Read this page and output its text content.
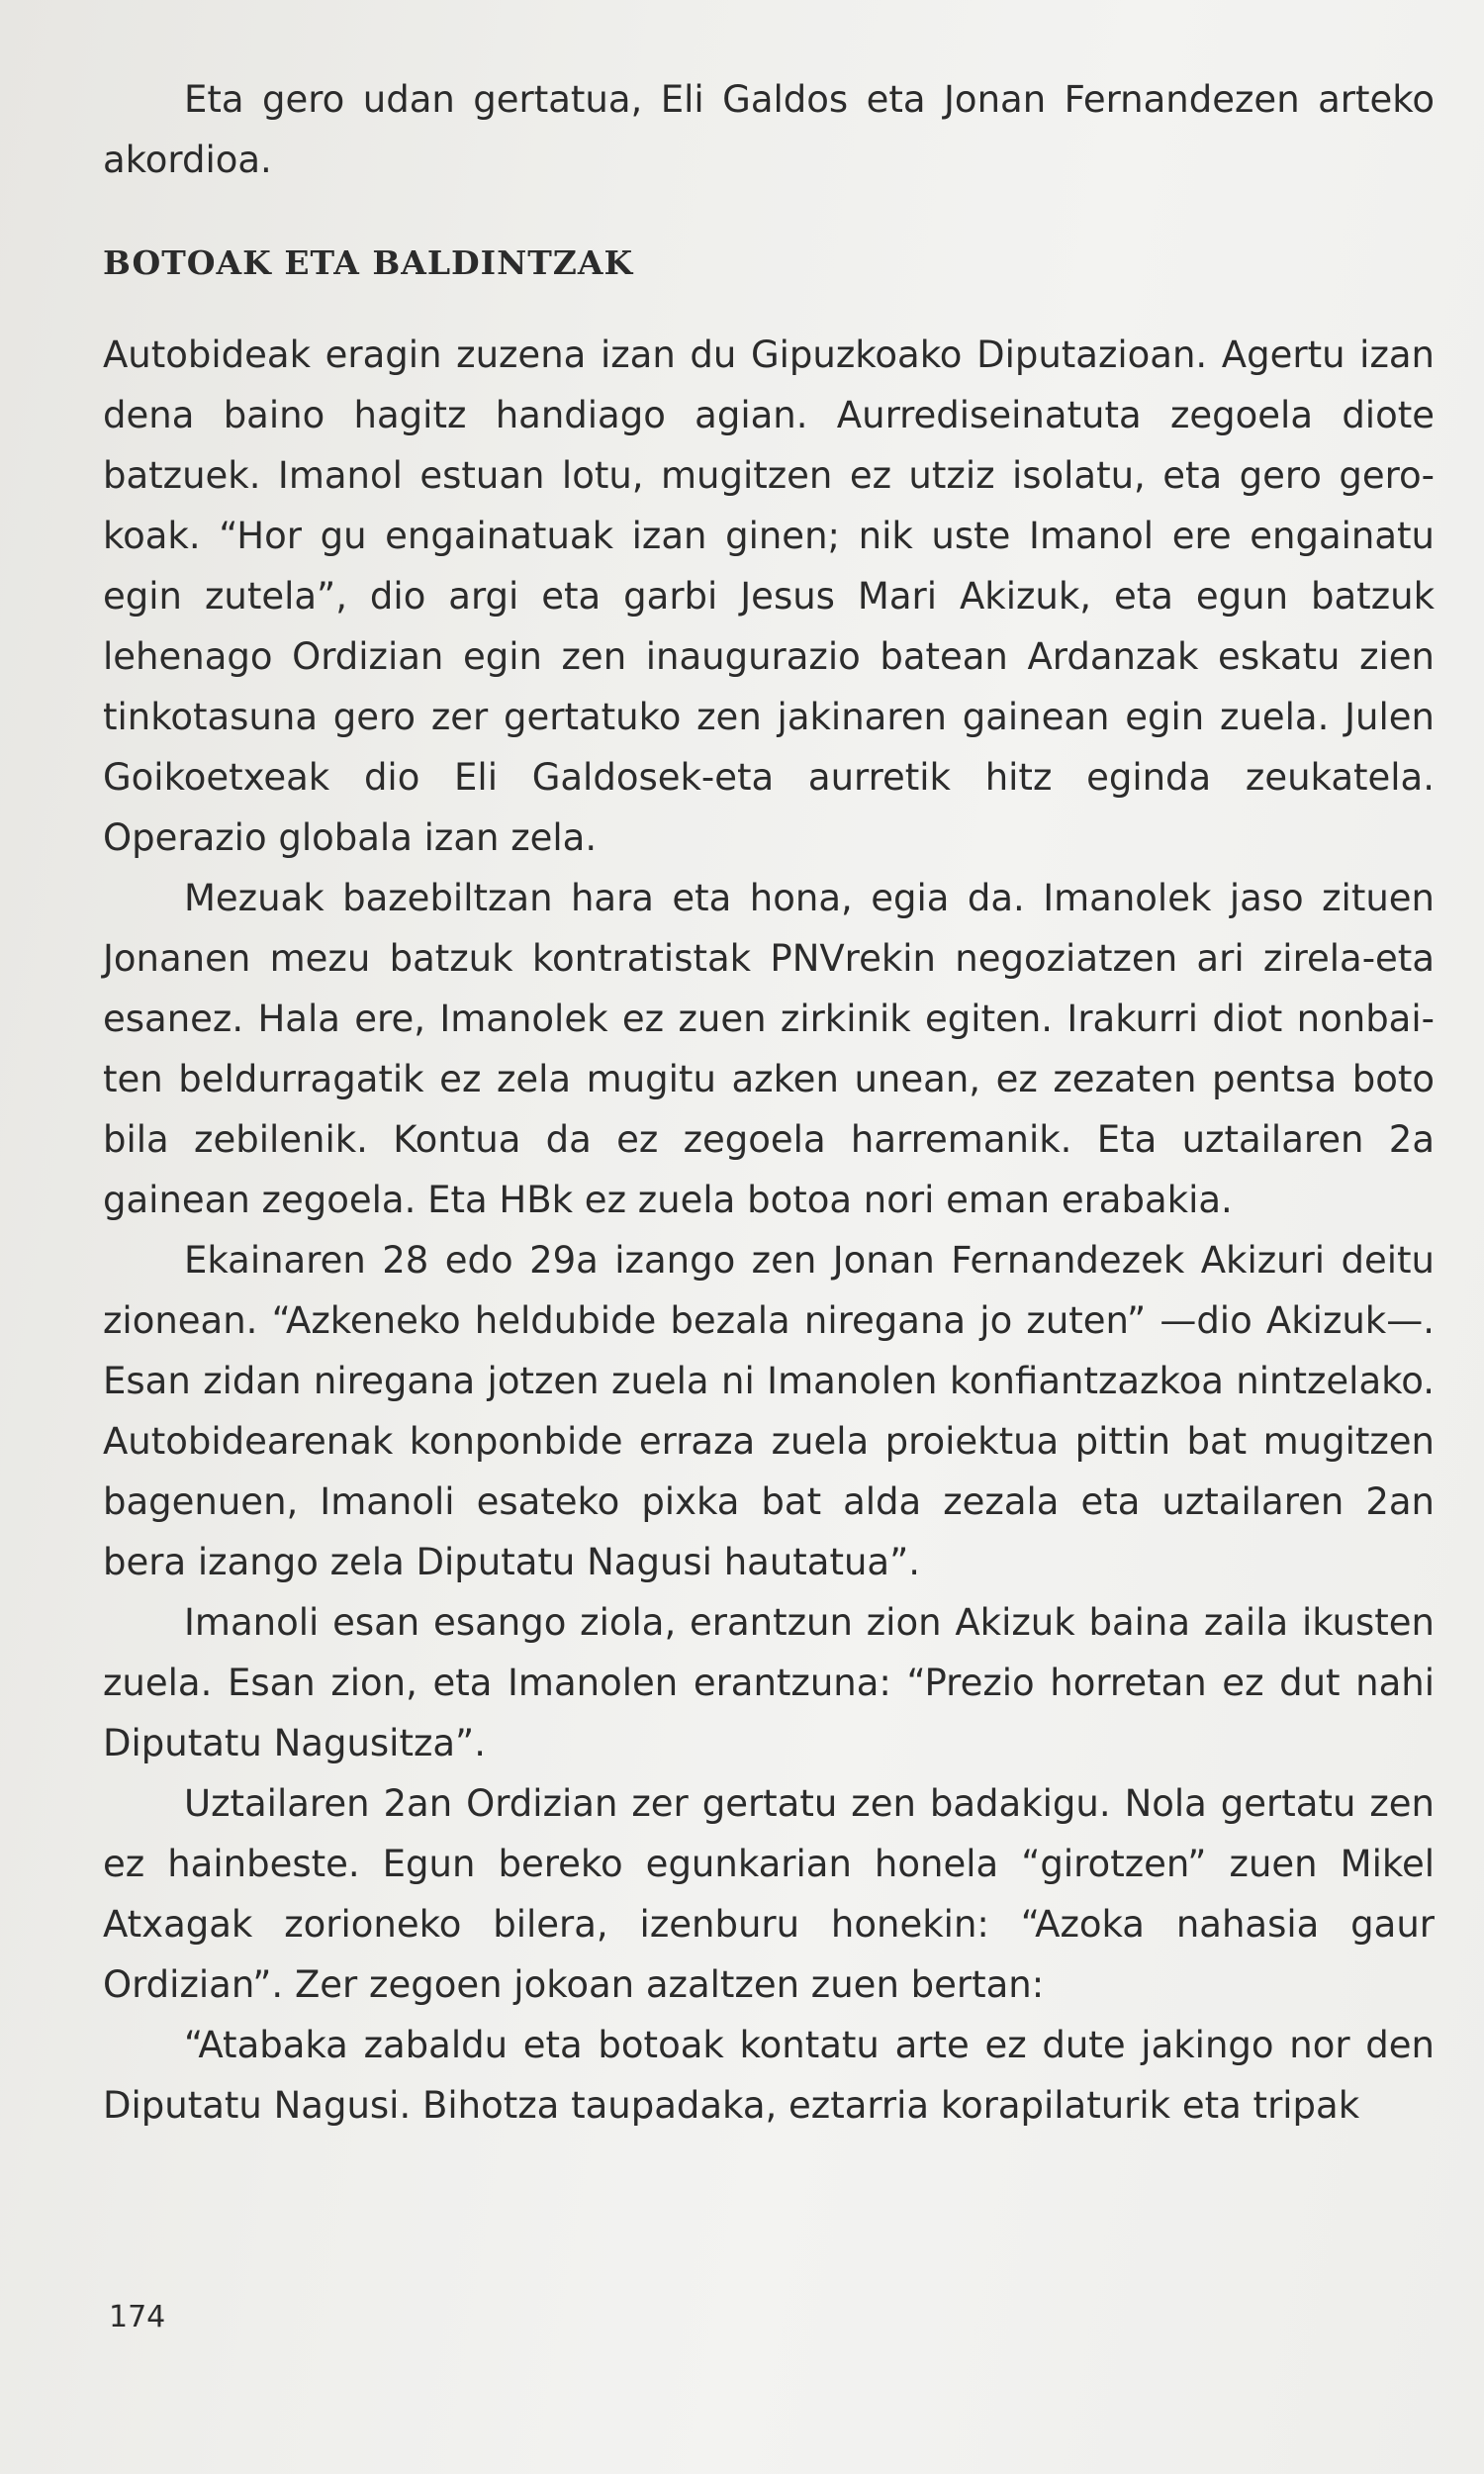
Eta gero udan gertatua, Eli Galdos eta Jonan Fernandezen arteko akordioa.

BOTOAK ETA BALDINTZAK

Autobideak eragin zuzena izan du Gipuzkoako Diputazioan. Agertu izan dena baino hagitz handiago agian. Aurrediseinatuta zegoela diote batzuek. Imanol estuan lotu, mugitzen ez utziz isolatu, eta gero gerokoak. “Hor gu engainatuak izan ginen; nik uste Imanol ere engainatu egin zutela”, dio argi eta garbi Jesus Mari Akizuk, eta egun batzuk lehenago Ordizian egin zen inaugurazio batean Ardanzak eskatu zien tinkotasuna gero zer gertatuko zen jakinaren gainean egin zuela. Julen Goikoetxeak dio Eli Galdosek-eta aurretik hitz eginda zeukatela. Operazio globala izan zela.

Mezuak bazebiltzan hara eta hona, egia da. Imanolek jaso zituen Jonanen mezu batzuk kontratistak PNVrekin negoziatzen ari zirela-eta esanez. Hala ere, Imanolek ez zuen zirkinik egiten. Irakurri diot nonbaiten beldurragatik ez zela mugitu azken unean, ez zezaten pentsa boto bila zebilenik. Kontua da ez zegoela harremanik. Eta uztailaren 2a gainean zegoela. Eta HBk ez zuela botoa nori eman erabakia.

Ekainaren 28 edo 29a izango zen Jonan Fernandezek Akizuri deitu zionean. “Azkeneko heldubide bezala niregana jo zuten” —dio Akizuk—. Esan zidan niregana jotzen zuela ni Imanolen konfiantzazkoa nintzelako. Autobidearenak konponbide erraza zuela proiektua pittin bat mugitzen bagenuen, Imanoli esateko pixka bat alda zezala eta uztailaren 2an bera izango zela Diputatu Nagusi hautatua”.

Imanoli esan esango ziola, erantzun zion Akizuk baina zaila ikusten zuela. Esan zion, eta Imanolen erantzuna: “Prezio horretan ez dut nahi Diputatu Nagusitza”.

Uztailaren 2an Ordizian zer gertatu zen badakigu. Nola gertatu zen ez hainbeste. Egun bereko egunkarian honela “girotzen” zuen Mikel Atxagak zorioneko bilera, izenburu honekin: “Azoka nahasia gaur Ordizian”. Zer zegoen jokoan azaltzen zuen bertan:

“Atabaka zabaldu eta botoak kontatu arte ez dute jakingo nor den Diputatu Nagusi. Bihotza taupadaka, eztarria korapilaturik eta tripak

174
